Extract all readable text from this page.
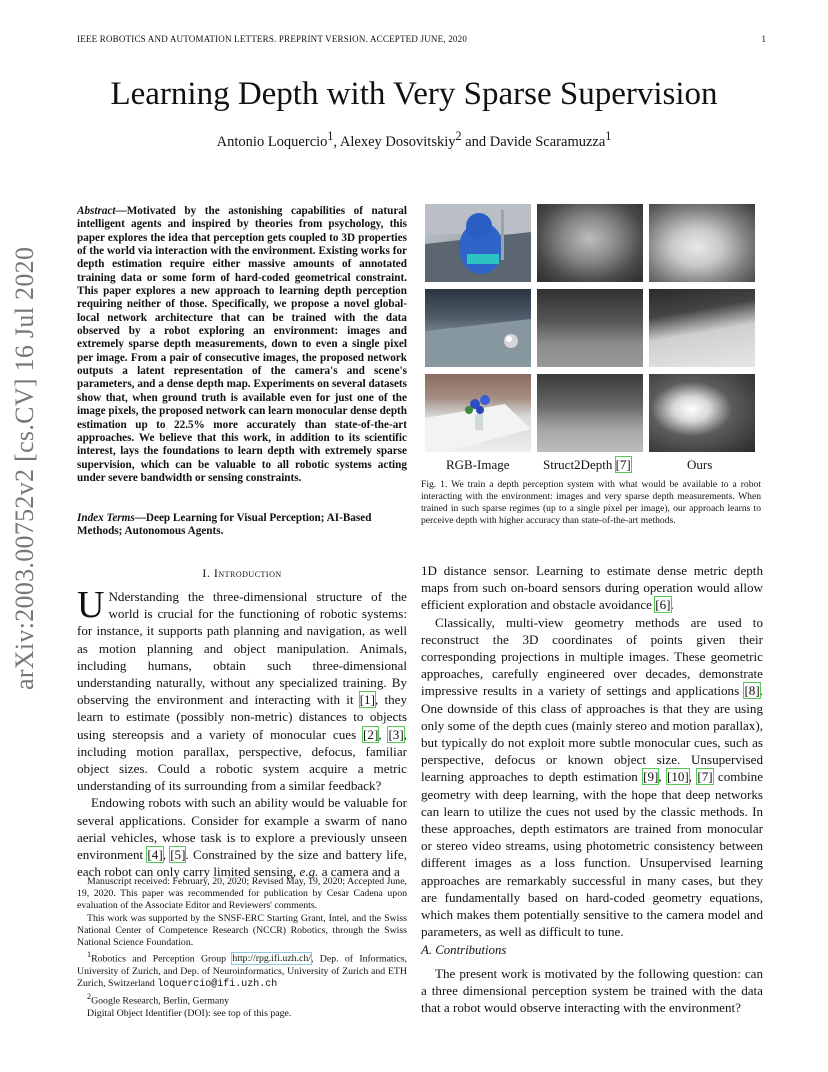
IEEE ROBOTICS AND AUTOMATION LETTERS. PREPRINT VERSION. ACCEPTED JUNE, 2020	1
arXiv:2003.00752v2 [cs.CV] 16 Jul 2020
Learning Depth with Very Sparse Supervision
Antonio Loquercio$^1$, Alexey Dosovitskiy$^2$ and Davide Scaramuzza$^1$
Abstract—Motivated by the astonishing capabilities of natural intelligent agents and inspired by theories from psychology, this paper explores the idea that perception gets coupled to 3D properties of the world via interaction with the environment. Existing works for depth estimation require either massive amounts of annotated training data or some form of hard-coded geometrical constraint. This paper explores a new approach to learning depth perception requiring neither of those. Specifically, we propose a novel global-local network architecture that can be trained with the data observed by a robot exploring an environment: images and extremely sparse depth measurements, down to even a single pixel per image. From a pair of consecutive images, the proposed network outputs a latent representation of the camera's and scene's parameters, and a dense depth map. Experiments on several datasets show that, when ground truth is available even for just one of the image pixels, the proposed network can learn monocular dense depth estimation up to 22.5% more accurately than state-of-the-art approaches. We believe that this work, in addition to its scientific interest, lays the foundations to learn depth with extremely sparse supervision, which can be valuable to all robotic systems acting under severe bandwidth or sensing constraints.
Index Terms—Deep Learning for Visual Perception; AI-Based Methods; Autonomous Agents.
I. Introduction

U Nderstanding the three-dimensional structure of the world is crucial for the functioning of robotic systems: for instance, it supports path planning and navigation, as well as motion planning and object manipulation. Animals, including humans, obtain such three-dimensional understanding naturally, without any specialized training. By observing the environment and interacting with it [1], they learn to estimate (possibly non-metric) distances to objects using stereopsis and a variety of monocular cues [2], [3], including motion parallax, perspective, defocus, familiar object sizes. Could a robotic system acquire a metric understanding of its surrounding from a similar feedback?

Endowing robots with such an ability would be valuable for several applications. Consider for example a swarm of nano aerial vehicles, whose task is to explore a previously unseen environment [4], [5]. Constrained by the size and battery life, each robot can only carry limited sensing, e.g. a camera and a

Manuscript received: February, 20, 2020; Revised May, 19, 2020; Accepted June, 19, 2020. This paper was recommended for publication by Cesar Cadena upon evaluation of the Associate Editor and Reviewers' comments.
This work was supported by the SNSF-ERC Starting Grant, Intel, and the Swiss National Center of Competence Research (NCCR) Robotics, through the Swiss National Science Foundation.
$^1$Robotics and Perception Group http://rpg.ifi.uzh.ch/, Dep. of Informatics, University of Zurich, and Dep. of Neuroinformatics, University of Zurich and ETH Zurich, Switzerland loquercio@ifi.uzh.ch
$^2$Google Research, Berlin, Germany
Digital Object Identifier (DOI): see top of this page.
RGB-Image	Struct2Depth [7]	Ours
Fig. 1. We train a depth perception system with what would be available to a robot interacting with the environment: images and very sparse depth measurements. When trained in such sparse regimes (up to a single pixel per image), our approach learns to perceive depth with higher accuracy than state-of-the-art methods.

1D distance sensor. Learning to estimate dense metric depth maps from such on-board sensors during operation would allow efficient exploration and obstacle avoidance [6].

Classically, multi-view geometry methods are used to reconstruct the 3D coordinates of points given their corresponding projections in multiple images. These geometric approaches, carefully engineered over decades, demonstrate impressive results in a variety of settings and applications [8]. One downside of this class of approaches is that they are using only some of the depth cues (mainly stereo and motion parallax), but typically do not exploit more subtle monocular cues, such as perspective, defocus or known object size. Unsupervised learning approaches to depth estimation [9], [10], [7] combine geometry with deep learning, with the hope that deep networks can learn to utilize the cues not used by the classic methods. In these approaches, depth estimators are trained from monocular or stereo video streams, using photometric consistency between different images as a loss function. Unsupervised learning approaches are remarkably successful in many cases, but they are fundamentally based on hard-coded geometry equations, which makes them potentially sensitive to the camera model and parameters, as well as difficult to tune.

A. Contributions
The present work is motivated by the following question: can a three dimensional perception system be trained with the data that a robot would observe interacting with the environment?
